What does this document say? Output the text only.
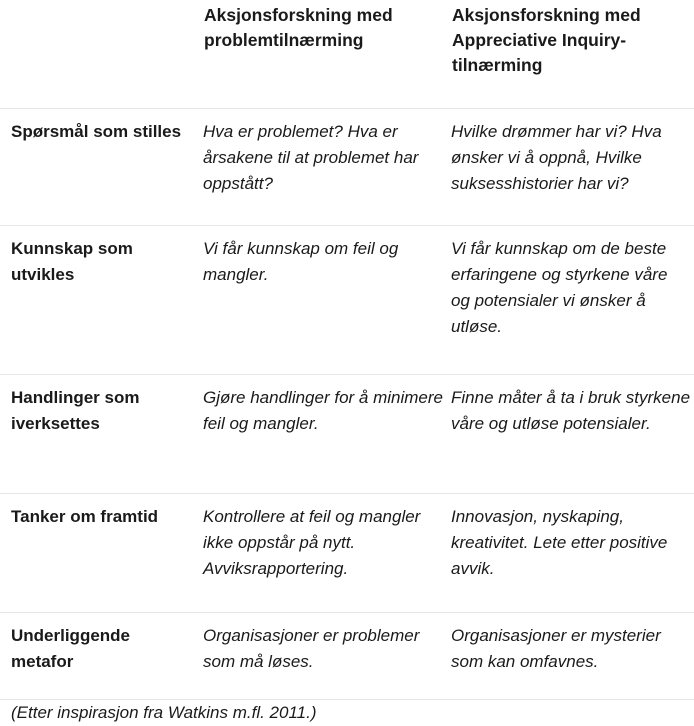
Aksjonsforskning med problemtilnærming
Aksjonsforskning med Appreciative Inquiry-tilnærming
Spørsmål som stilles Hva er problemet? Hva er årsakene til at problemet har oppstått?
Hvilke drømmer har vi? Hva ønsker vi å oppnå, Hvilke suksesshistorier har vi?
Kunnskap som utvikles
Vi får kunnskap om feil og mangler.
Vi får kunnskap om de beste erfaringene og styrkene våre og potensialer vi ønsker å utløse.
Handlinger som iverksettes
Gjøre handlinger for å minimere feil og mangler.
Finne måter å ta i bruk styrkene våre og utløse potensialer.
Tanker om framtid	Kontrollere at feil og mangler ikke oppstår på nytt. Avviksrapportering.
Innovasjon, nyskaping, kreativitet. Lete etter positive avvik.
Underliggende metafor
Organisasjoner er problemer som må løses.
Organisasjoner er mysterier som kan omfavnes.
(Etter inspirasjon fra Watkins m.fl. 2011.)
